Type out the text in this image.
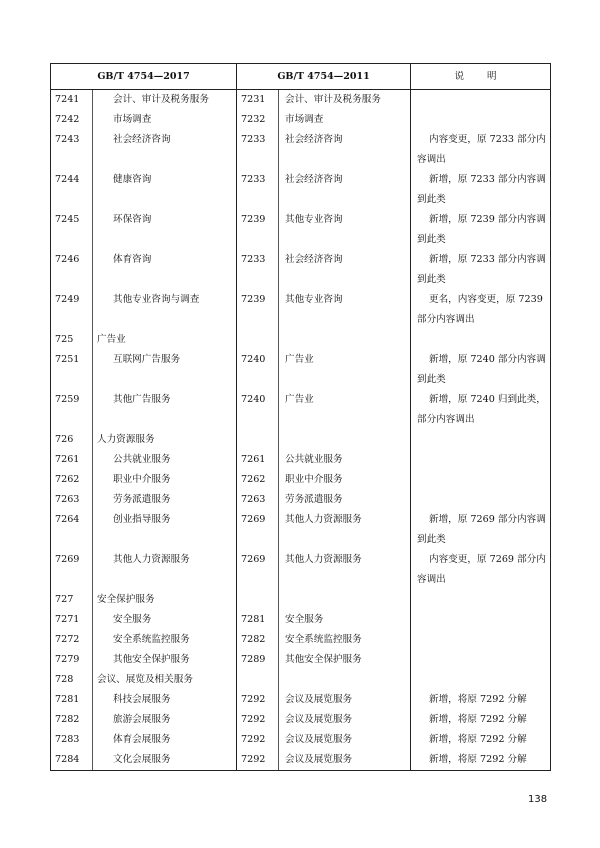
GB/T 4754—2017		GB/T 4754—2011		说 明
7241	会计、审计及税务服务	7231	会计、审计及税务服务	
7242	市场调查	7232	市场调查	
7243	社会经济咨询	7233	社会经济咨询	内容变更，原 7233 部分内容调出
7244	健康咨询	7233	社会经济咨询	新增，原 7233 部分内容调到此类
7245	环保咨询	7239	其他专业咨询	新增，原 7239 部分内容调到此类
7246	体育咨询	7233	社会经济咨询	新增，原 7233 部分内容调到此类
7249	其他专业咨询与调查	7239	其他专业咨询	更名，内容变更，原 7239 部分内容调出
725	广告业			
7251	互联网广告服务	7240	广告业	新增，原 7240 部分内容调到此类
7259	其他广告服务	7240	广告业	新增，原 7240 归到此类，部分内容调出
726	人力资源服务			
7261	公共就业服务	7261	公共就业服务	
7262	职业中介服务	7262	职业中介服务	
7263	劳务派遣服务	7263	劳务派遣服务	
7264	创业指导服务	7269	其他人力资源服务	新增，原 7269 部分内容调到此类
7269	其他人力资源服务	7269	其他人力资源服务	内容变更，原 7269 部分内容调出
727	安全保护服务			
7271	安全服务	7281	安全服务	
7272	安全系统监控服务	7282	安全系统监控服务	
7279	其他安全保护服务	7289	其他安全保护服务	
728	会议、展览及相关服务			
7281	科技会展服务	7292	会议及展览服务	新增，将原 7292 分解
7282	旅游会展服务	7292	会议及展览服务	新增，将原 7292 分解
7283	体育会展服务	7292	会议及展览服务	新增，将原 7292 分解
7284	文化会展服务	7292	会议及展览服务	新增，将原 7292 分解
138
